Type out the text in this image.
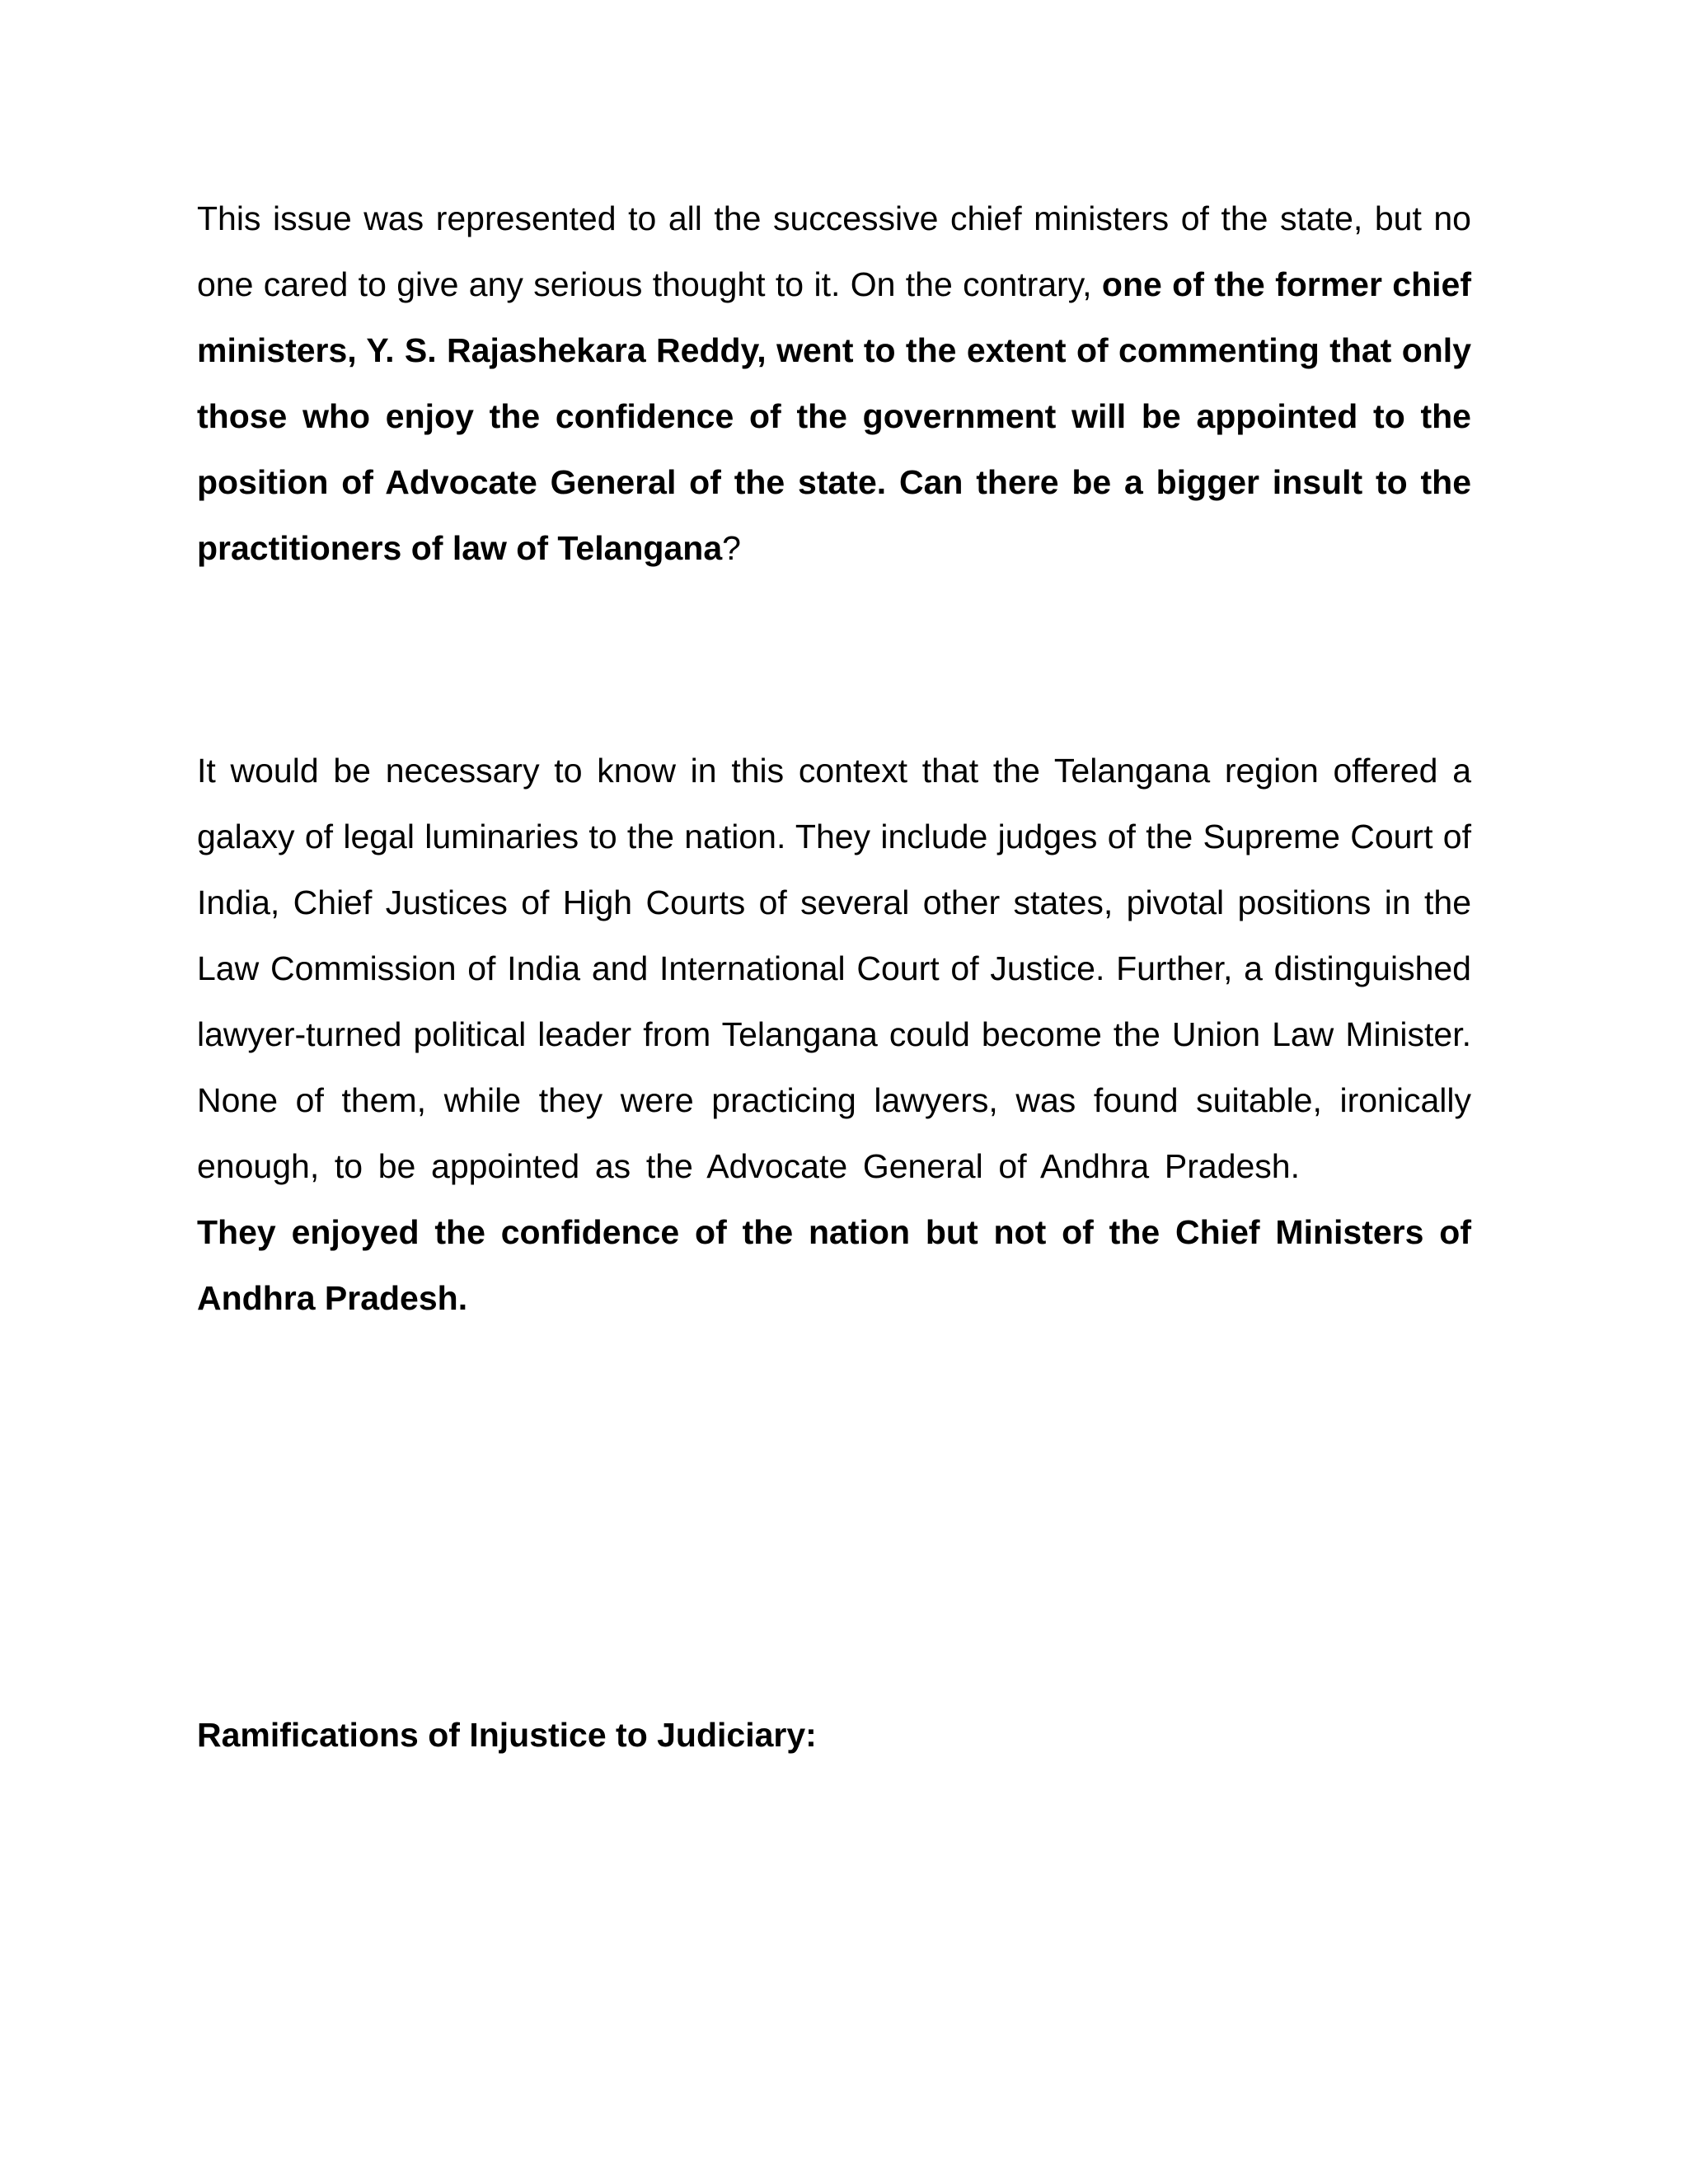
This issue was represented to all the successive chief ministers of the state, but no one cared to give any serious thought to it. On the contrary, one of the former chief ministers, Y. S. Rajashekara Reddy, went to the extent of commenting that only those who enjoy the confidence of the government will be appointed to the position of Advocate General of the state. Can there be a bigger insult to the practitioners of law of Telangana?

It would be necessary to know in this context that the Telangana region offered a galaxy of legal luminaries to the nation. They include judges of the Supreme Court of India, Chief Justices of High Courts of several other states, pivotal positions in the Law Commission of India and International Court of Justice. Further, a distinguished lawyer-turned political leader from Telangana could become the Union Law Minister. None of them, while they were practicing lawyers, was found suitable, ironically enough, to be appointed as the Advocate General of Andhra Pradesh.They enjoyed the confidence of the nation but not of the Chief Ministers of Andhra Pradesh.

Ramifications of Injustice to Judiciary:
